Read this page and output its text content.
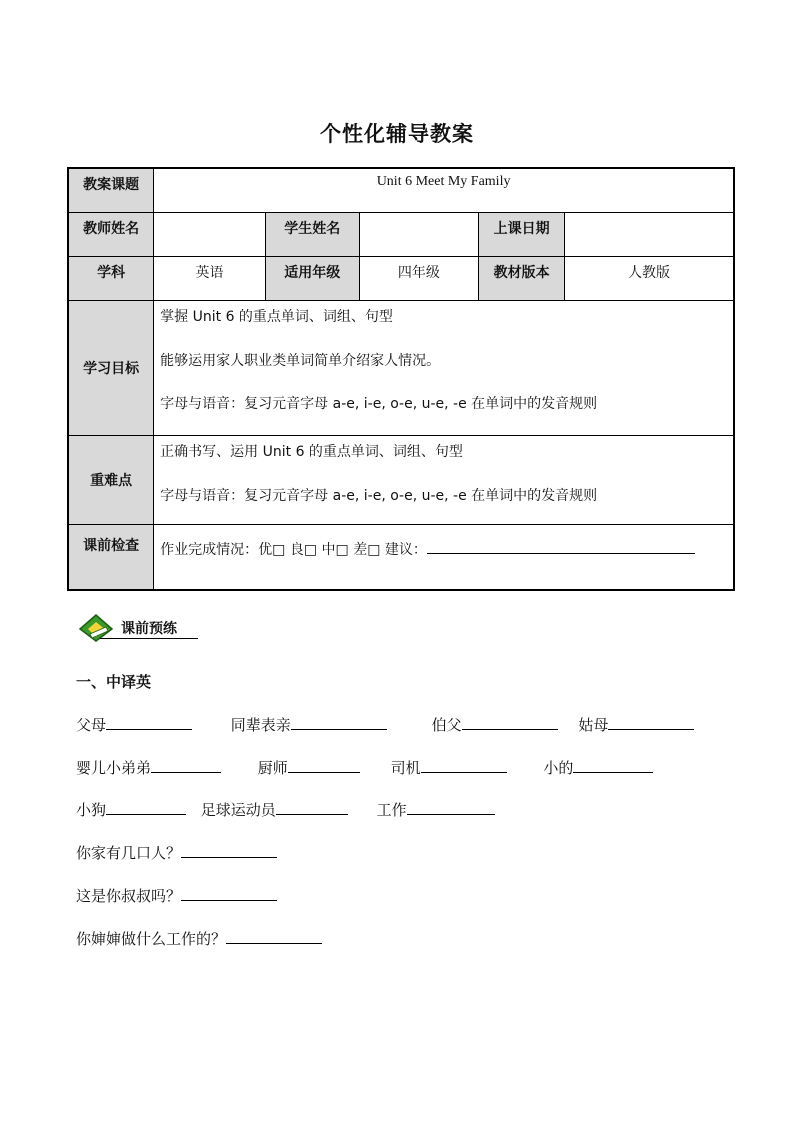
个性化辅导教案
教案课题	Unit 6 Meet My Family				
教师姓名		学生姓名		上课日期	
学科	英语	适用年级	四年级	教材版本	人教版
学习目标	掌握 Unit 6 的重点单词、词组、句型

能够运用家人职业类单词简单介绍家人情况。

字母与语音：复习元音字母 a-e, i-e, o-e, u-e, -e 在单词中的发音规则				

重难点	正确书写、运用 Unit 6 的重点单词、词组、句型

字母与语音：复习元音字母 a-e, i-e, o-e, u-e, -e 在单词中的发音规则				

课前检查	作业完成情况：优□ 良□ 中□ 差□ 建议：				
课前预练
一、中译英
父母	同辈表亲	伯父	姑母
婴儿小弟弟	厨师	司机	小的
小狗	足球运动员	工作
你家有几口人？
这是你叔叔吗？
你婶婶做什么工作的？
